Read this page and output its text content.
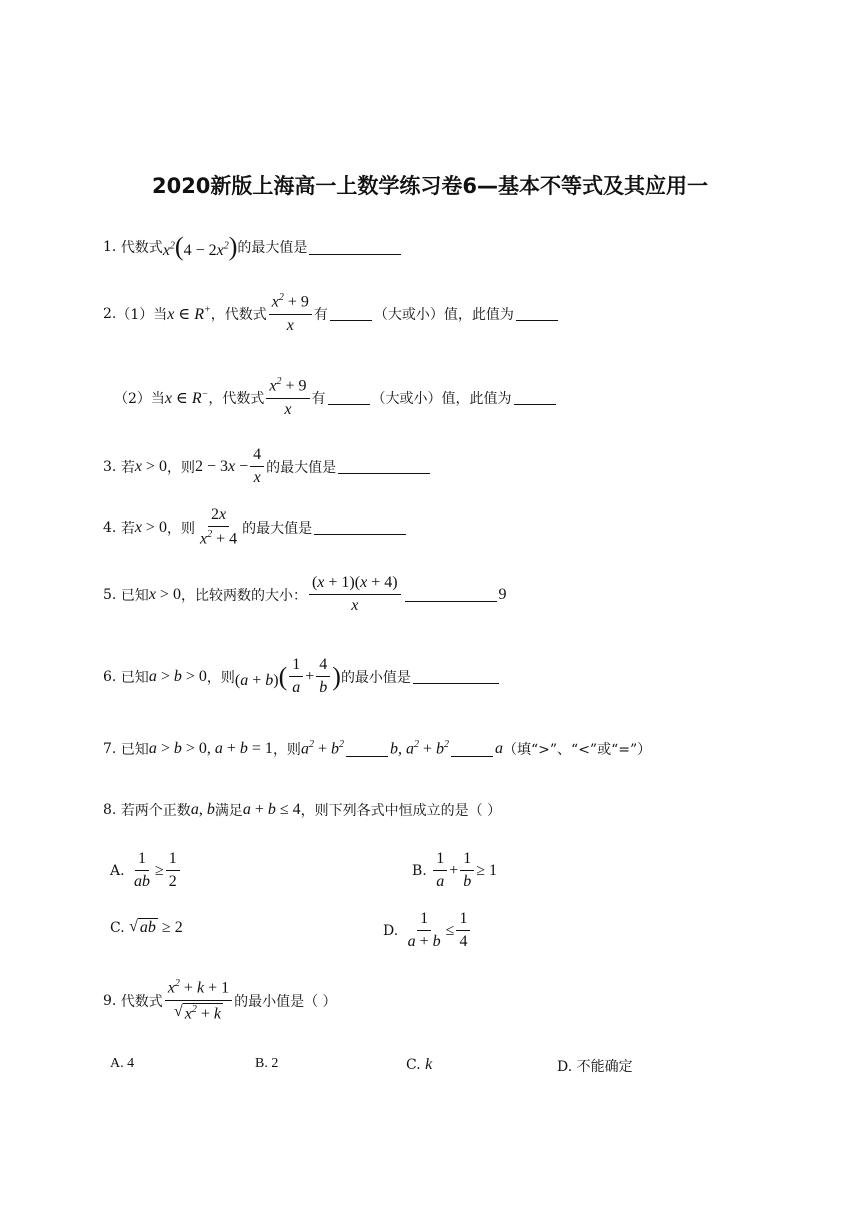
2020新版上海高一上数学练习卷6—基本不等式及其应用一
1.
代数式 $x^2(4 - 2x^2)$ 的最大值是
2. （1）当 x ∈ R+ ，代数式 $\frac{x^2 + 9}{x}$ 有	（大或小）值，此值为
（2）当 x ∈ R− ，代数式 $\frac{x^2 + 9}{x}$ 有	（大或小）值，此值为
3.
若 x > 0 ，则 $2 - 3x - \frac{4}{x}$ 的最大值是
4.
若 x > 0 ，则 $\frac{2x}{x^2 + 4}$ 的最大值是
5.
已知 x > 0 ，比较两数的大小： $\frac{(x + 1)(x + 4)}{x}$	9
6.
已知 a > b > 0 ，则 $(a + b)( \frac{1}{a} + \frac{4}{b}$ ) 的最小值是
7.
已知 a > b > 0, a + b = 1 ，则 $a^2 + b^2$	b, $a^2 + b^2$	a （填“>”、“<”或“=”）
8.
若两个正数 a, b 满足 a + b ≤ 4 ，则下列各式中恒成立的是（ ）
A.
$\frac{1}{ab} \ge \frac{1}{2}$	B.
$\frac{1}{a} + \frac{1}{b} \ge 1$
C.
√ ab ≥ 2	D.
$\frac{1}{a + b} \le \frac{1}{4}$
9.
代数式 $\frac{x^2 + k + 1}{√ x^2 + k}$ 的最小值是（ ）
A. 4	B. 2	C.
k	D. 不能确定
